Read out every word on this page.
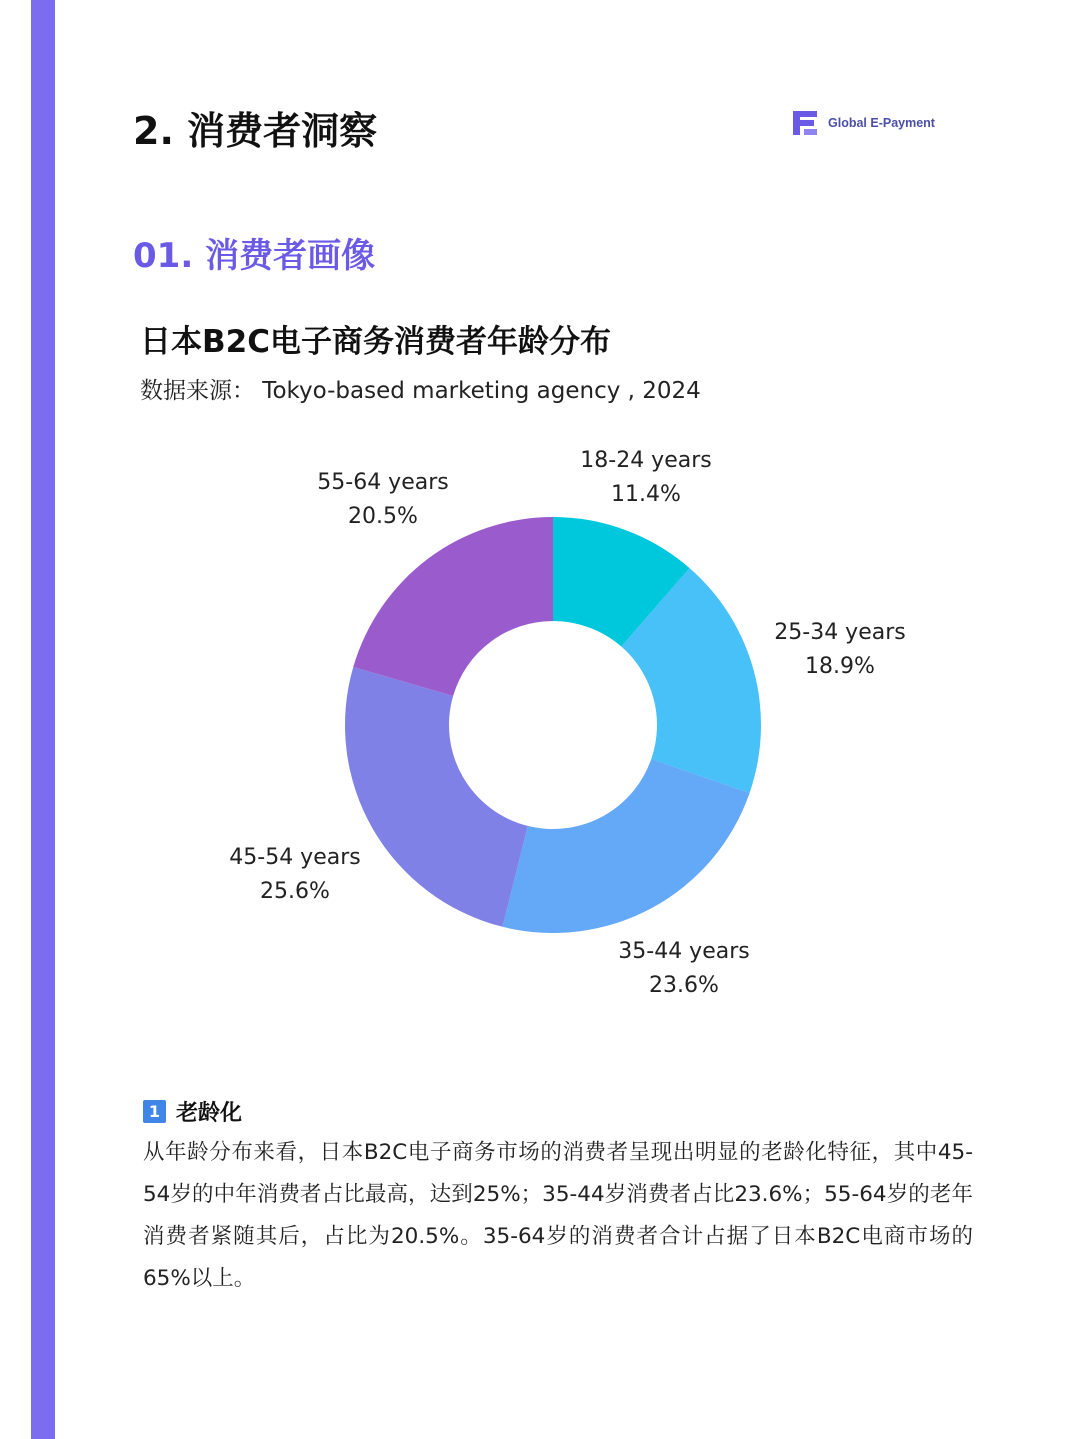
2. 消费者洞察	Global E-Payment
01. 消费者画像
日本B2C电子商务消费者年龄分布
数据来源： Tokyo-based marketing agency , 2024
18-24 years
11.4%
25-34 years
18.9%
35-44 years
23.6%
45-54 years
25.6%
55-64 years
20.5%
1 老龄化
从年龄分布来看，日本B2C电子商务市场的消费者呈现出明显的老龄化特征，其中45-54岁的中年消费者占比最高，达到25%；35-44岁消费者占比23.6%；55-64岁的老年消费者紧随其后，占比为20.5%。35-64岁的消费者合计占据了日本B2C电商市场的65%以上。
